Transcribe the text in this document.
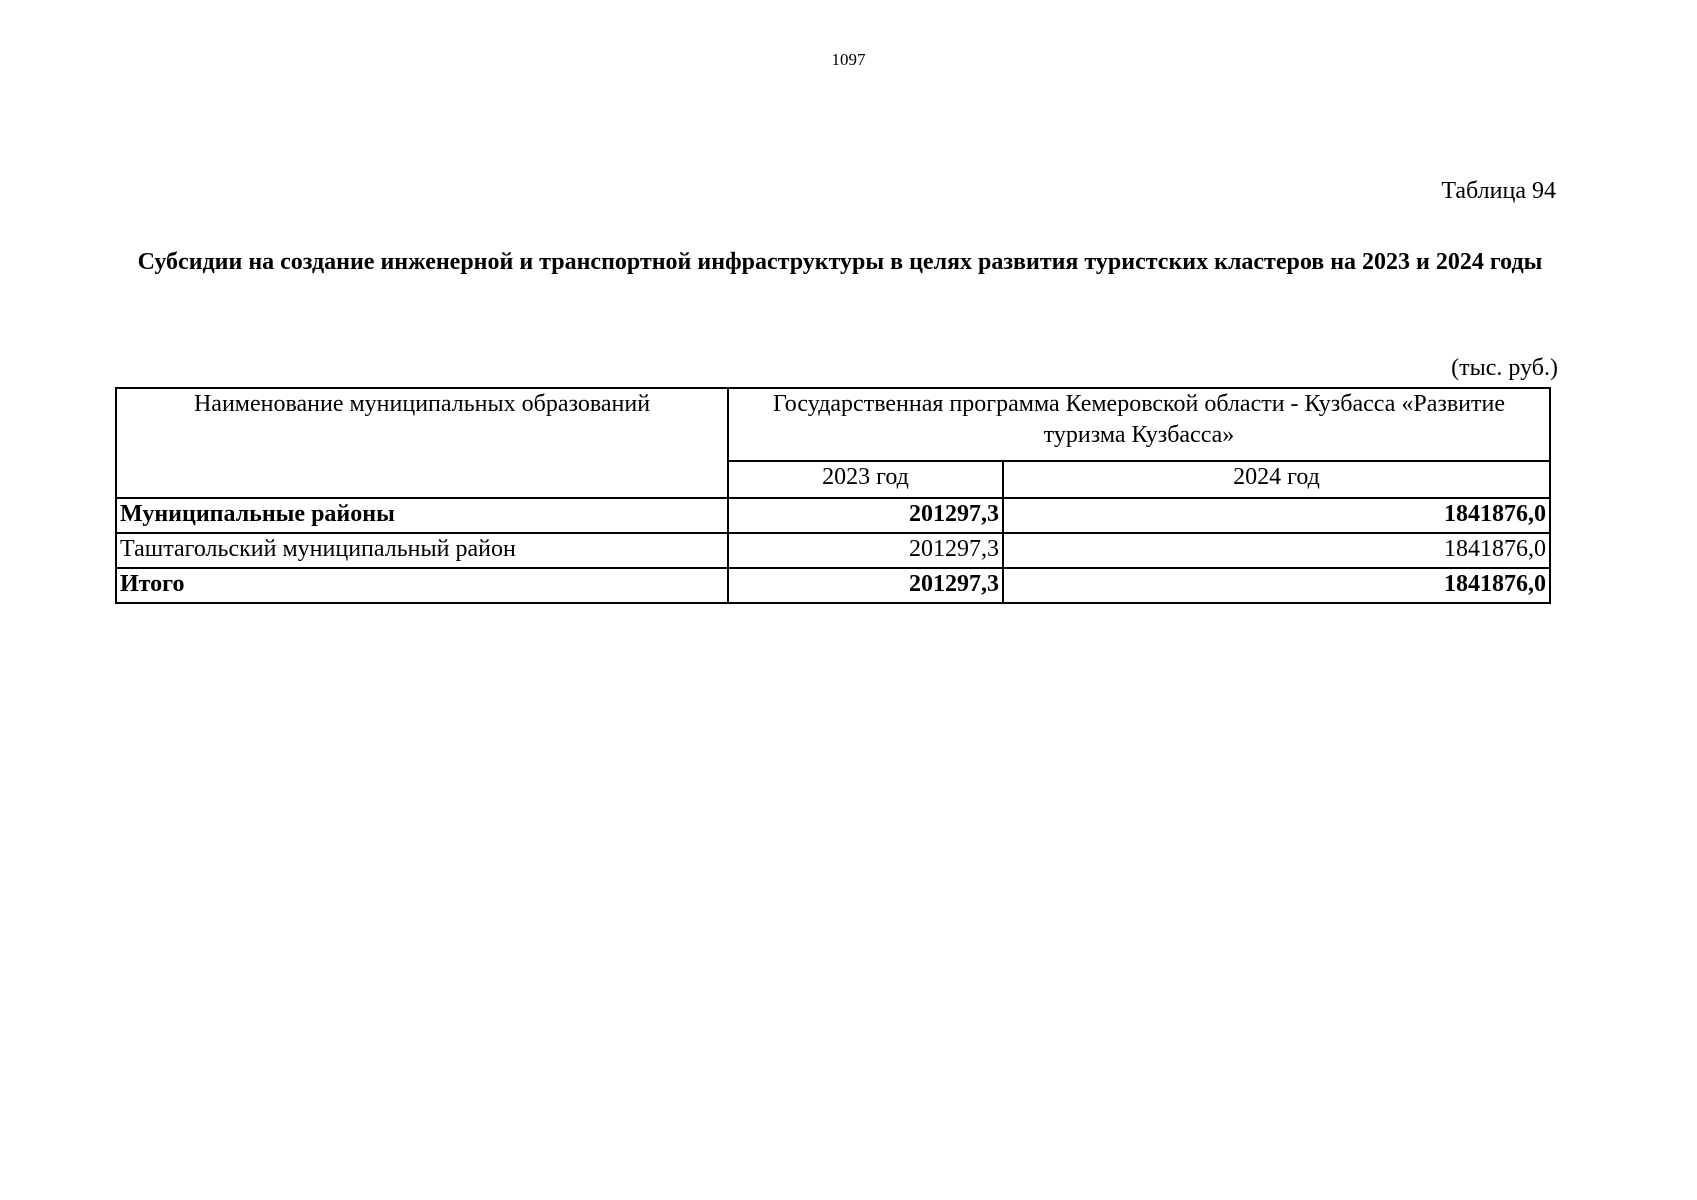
1097
Таблица 94
Субсидии на создание инженерной и транспортной инфраструктуры в целях развития туристских кластеров на 2023 и 2024 годы
(тыс. руб.)
Наименование муниципальных образований	Государственная программа Кемеровской области - Кузбасса «Развитие туризма Кузбасса»	
	2023 год	2024 год
Муниципальные районы	201297,3	1841876,0
Таштагольский муниципальный район	201297,3	1841876,0
Итого	201297,3	1841876,0
